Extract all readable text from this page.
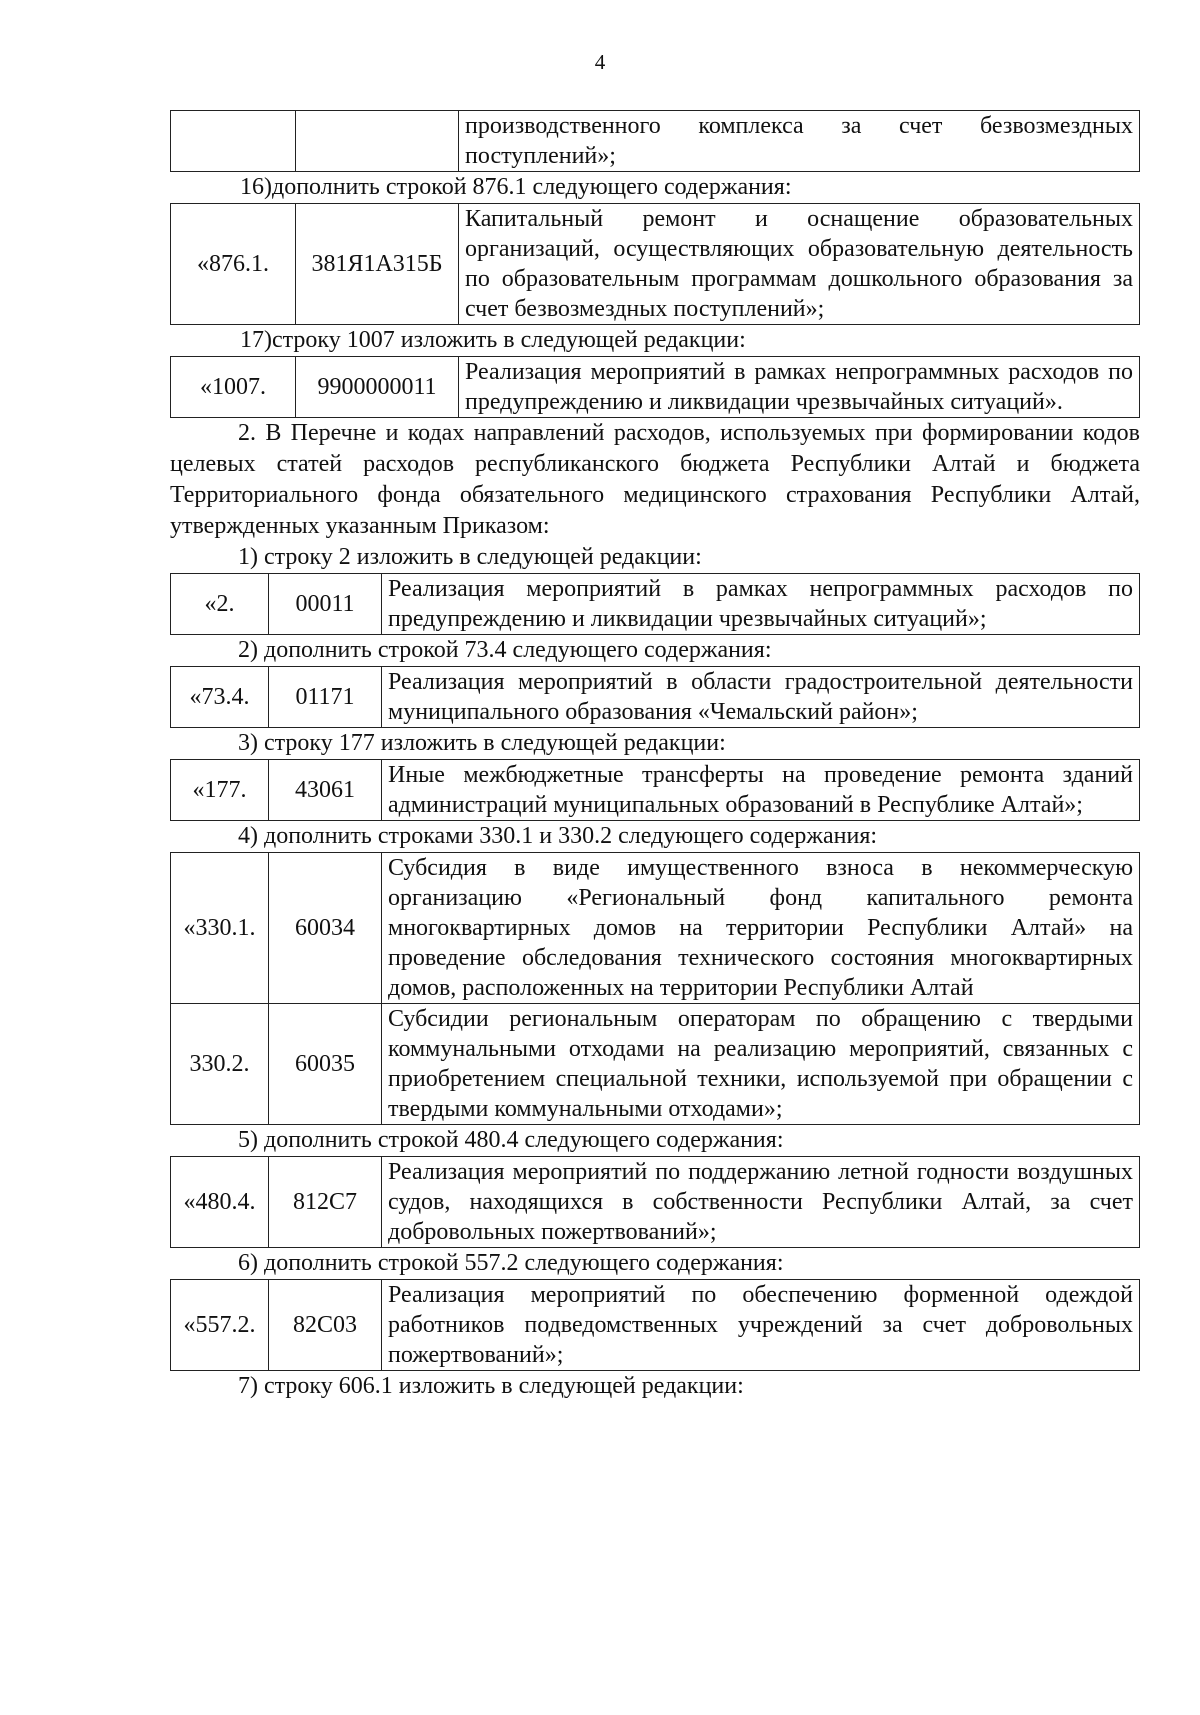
4
		производственного комплекса за счет безвозмездных поступлений»;

16)дополнить строкой 876.1 следующего содержания:

«876.1.	381Я1А315Б	Капитальный ремонт и оснащение образовательных организаций, осуществляющих образовательную деятельность по образовательным программам дошкольного образования за счет безвозмездных поступлений»;

17)строку 1007 изложить в следующей редакции:

«1007.	9900000011	Реализация мероприятий в рамках непрограммных расходов по предупреждению и ликвидации чрезвычайных ситуаций».

2. В Перечне и кодах направлений расходов, используемых при формировании кодов целевых статей расходов республиканского бюджета Республики Алтай и бюджета Территориального фонда обязательного медицинского страхования Республики Алтай, утвержденных указанным Приказом:

1) строку 2 изложить в следующей редакции:

«2.	00011	Реализация мероприятий в рамках непрограммных расходов по предупреждению и ликвидации чрезвычайных ситуаций»;

2) дополнить строкой 73.4 следующего содержания:

«73.4.	01171	Реализация мероприятий в области градостроительной деятельности муниципального образования «Чемальский район»;

3) строку 177 изложить в следующей редакции:

«177.	43061	Иные межбюджетные трансферты на проведение ремонта зданий администраций муниципальных образований в Республике Алтай»;

4) дополнить строками 330.1 и 330.2 следующего содержания:

«330.1.	60034	Субсидия в виде имущественного взноса в некоммерческую организацию «Региональный фонд капитального ремонта многоквартирных домов на территории Республики Алтай» на проведение обследования технического состояния многоквартирных домов, расположенных на территории Республики Алтай
330.2.	60035	Субсидии региональным операторам по обращению с твердыми коммунальными отходами на реализацию мероприятий, связанных с приобретением специальной техники, используемой при обращении с твердыми коммунальными отходами»;

5) дополнить строкой 480.4 следующего содержания:

«480.4.	812С7	Реализация мероприятий по поддержанию летной годности воздушных судов, находящихся в собственности Республики Алтай, за счет добровольных пожертвований»;

6) дополнить строкой 557.2 следующего содержания:

«557.2.	82С03	Реализация мероприятий по обеспечению форменной одеждой работников подведомственных учреждений за счет добровольных пожертвований»;

7) строку 606.1 изложить в следующей редакции:
